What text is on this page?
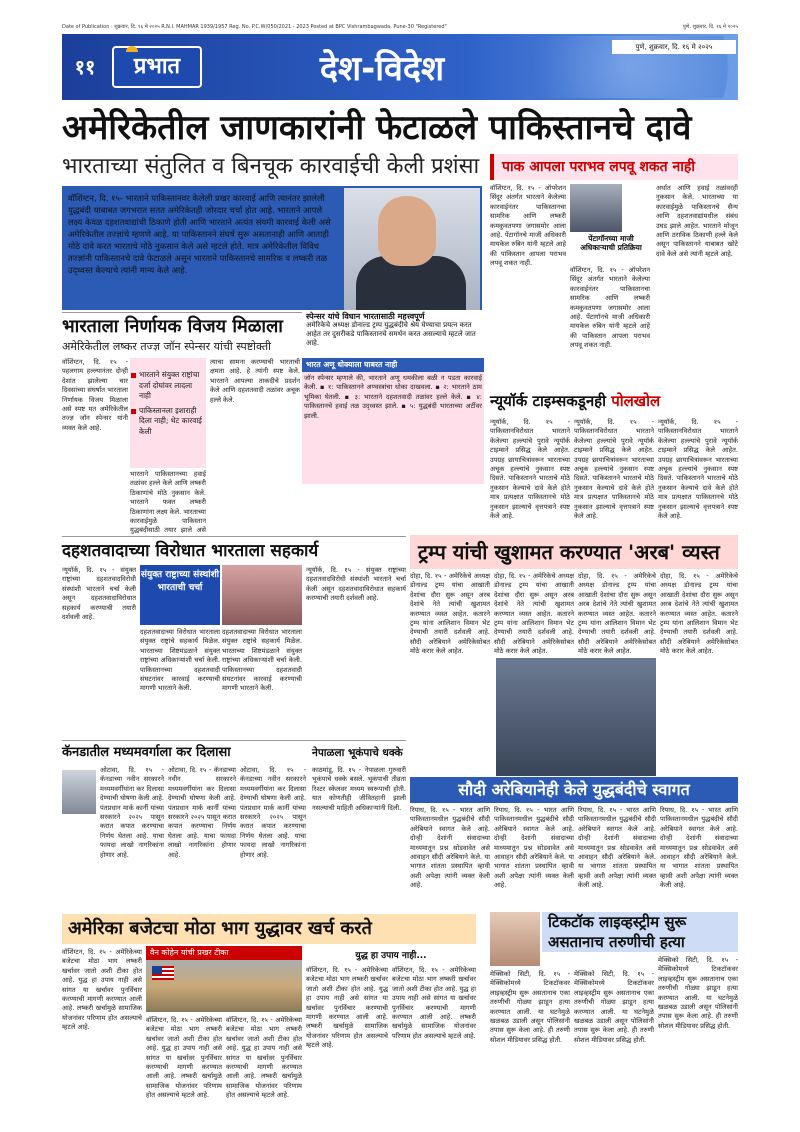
Date of Publication : शुक्रवार, दि. १६ मे २०२५ R.N.I. MAHMAR 1939/1957 Reg. No. P.C.W/050/2021 - 2023 Posted at BPC Vishrambagwada, Pune-30 "Registered"	पुणे, शुक्रवार, दि. १६ मे २०२५
११	प्रभात	देश-विदेश
पुणे, शुक्रवार, दि. १६ मे २०२५
अमेरिकेतील जाणकारांनी फेटाळले पाकिस्तानचे दावे
भारताच्या संतुलित व बिनचूक कारवाईची केली प्रशंसा
वॉशिंग्टन, दि. १५- भारताने पाकिस्तानवर केलेली प्रखर कारवाई आणि त्यानंतर झालेली युद्धबंदी याबाबत जगभरात सतत अमेरिकेतही जोरदार चर्चा होत आहे. भारताने आपले लक्ष्य केवळ दहशतवाद्यांची ठिकाणे होती आणि भारताने अत्यंत संयमी कारवाई केली असे अमेरिकेतील तज्ज्ञांचे म्हणणे आहे. या पाकिस्तानने संघर्ष सुरू असतानाही आणि आताही मोठे दावे करत भारताचे मोठे नुकसान केले असे म्हटले होते. मात्र अमेरिकेतील विविध तज्ज्ञांनी पाकिस्तानचे दावे फेटाळले असून भारताने पाकिस्तानचे सामरिक व लष्करी तळ उद्ध्वस्त केल्याचे त्यांनी मान्य केले आहे.
स्पेन्सर यांचे विधान भारतासाठी महत्त्वपूर्ण
अमेरिकेचे अध्यक्ष डोनाल्ड ट्रम्प युद्धबंदीचे श्रेय घेण्याचा प्रयत्न करत आहेत तर दुसरीकडे पाकिस्तानचे समर्थन करत असल्याचे म्हटले जात आहे.
पाक आपला पराभव लपवू शकत नाही
वॉशिंग्टन, दि. १५ - ऑपरेशन सिंदूर अंतर्गत भारताने केलेल्या कारवाईनंतर पाकिस्तानचा सामरिक आणि लष्करी कमकुवतपणा जगासमोर आला आहे. पेंटागॉनचे माजी अधिकारी मायकेल रुबिन यांनी म्हटले आहे की पाकिस्तान आपला पराभव लपवू शकत नाही.
पेंटागॉनच्या माजी अधिकाऱ्याची प्रतिक्रिया
वॉशिंग्टन, दि. १५ - ऑपरेशन सिंदूर अंतर्गत भारताने केलेल्या कारवाईनंतर पाकिस्तानचा सामरिक आणि लष्करी कमकुवतपणा जगासमोर आला आहे. पेंटागॉनचे माजी अधिकारी मायकेल रुबिन यांनी म्हटले आहे की पाकिस्तान आपला पराभव लपवू शकत नाही.
अर्थात आणि हवाई तळांवरही नुकसान केले. भारताच्या या कारवाईमुळे पाकिस्तानचे सैन्य आणि दहशतवाद्यांमधील संबंध उघड झाले आहेत. भारताने मोजून आणि ठराविक ठिकाणी हल्ले केले असून पाकिस्तानने याबाबत खोटे दावे केले असे त्यांनी म्हटले आहे.
भारताला निर्णायक विजय मिळाला
अमेरिकेतील लष्कर तज्ज्ञ जॉन स्पेन्सर यांची स्पष्टोक्ती
वॉशिंग्टन, दि. १५ - पहलगाम हल्ल्यानंतर दोन्ही देशांत झालेल्या चार दिवसांच्या संघर्षात भारताला निर्णायक विजय मिळाला असे स्पष्ट मत अमेरिकेतील तज्ज्ञ जॉन स्पेन्सर यांनी व्यक्त केले आहे.

भारताने संयुक्त राष्ट्रांचा दर्जा दोघांवर लादला नाही

पाकिस्तानला इशाराही दिला नाही; थेट कारवाई केली

भारताने पाकिस्तानच्या हवाई तळांवर हल्ले केले आणि लष्करी ठिकाणांचे मोठे नुकसान केले. भारताने फक्त लष्करी ठिकाणांना लक्ष्य केले. भारताच्या कारवाईमुळे पाकिस्तान युद्धबंदीसाठी तयार झाले असे
त्याचा सामना करण्याची भारताची क्षमता आहे. हे त्यांनी स्पष्ट केले. भारताने आपल्या ताकदीचे प्रदर्शन केले आणि दहशतवादी तळांवर अचूक हल्ले केले.
भारत अणू धोक्याला घाबरत नाही
जॉन स्पेन्सर म्हणाले की, भारताने अणू धमकीला बळी न पडता कारवाई केली. ▪ १: पाकिस्तानने अण्वस्त्रांचा धोका दाखवला. ▪ २: भारताने ठाम भूमिका घेतली. ▪ ३: भारताने दहशतवादी तळांवर हल्ले केले. ▪ ४: पाकिस्तानचे हवाई तळ उद्ध्वस्त झाले. ▪ ५: युद्धबंदी भारताच्या अटींवर झाली.
न्यूयॉर्क टाइम्सकडूनही पोलखोल
न्यूयॉर्क, दि. १५ - पाकिस्तानविरोधात भारताने केलेल्या हल्ल्यांचे पुरावे न्यूयॉर्क टाइम्सने प्रसिद्ध केले आहेत. उपग्रह छायाचित्रांवरून भारताच्या अचूक हल्ल्यांचे नुकसान स्पष्ट दिसते. पाकिस्तानने भारताचे मोठे नुकसान केल्याचे दावे केले होते मात्र प्रत्यक्षात पाकिस्तानचे मोठे नुकसान झाल्याचे वृत्तपत्राने स्पष्ट केले आहे.
न्यूयॉर्क, दि. १५ - पाकिस्तानविरोधात भारताने केलेल्या हल्ल्यांचे पुरावे न्यूयॉर्क टाइम्सने प्रसिद्ध केले आहेत. उपग्रह छायाचित्रांवरून भारताच्या अचूक हल्ल्यांचे नुकसान स्पष्ट दिसते. पाकिस्तानने भारताचे मोठे नुकसान केल्याचे दावे केले होते मात्र प्रत्यक्षात पाकिस्तानचे मोठे नुकसान झाल्याचे वृत्तपत्राने स्पष्ट केले आहे.
न्यूयॉर्क, दि. १५ - पाकिस्तानविरोधात भारताने केलेल्या हल्ल्यांचे पुरावे न्यूयॉर्क टाइम्सने प्रसिद्ध केले आहेत. उपग्रह छायाचित्रांवरून भारताच्या अचूक हल्ल्यांचे नुकसान स्पष्ट दिसते. पाकिस्तानने भारताचे मोठे नुकसान केल्याचे दावे केले होते मात्र प्रत्यक्षात पाकिस्तानचे मोठे नुकसान झाल्याचे वृत्तपत्राने स्पष्ट केले आहे.
दहशतवादाच्या विरोधात भारताला सहकार्य
न्यूयॉर्क, दि. १५ - संयुक्त राष्ट्रांच्या दहशतवादविरोधी संस्थांशी भारताने चर्चा केली असून दहशतवादाविरोधात सहकार्य करण्याची तयारी दर्शवली आहे.
संयुक्त राष्ट्राच्या संस्थांशी भारताची चर्चा
दहशतवादाच्या विरोधात भारताला संयुक्त राष्ट्रांचे सहकार्य मिळेल. भारताच्या शिष्टमंडळाने संयुक्त राष्ट्रांच्या अधिकाऱ्यांशी चर्चा केली. पाकिस्तानच्या दहशतवादी संघटनांवर कारवाई करण्याची मागणी भारताने केली.
दहशतवादाच्या विरोधात भारताला संयुक्त राष्ट्रांचे सहकार्य मिळेल. भारताच्या शिष्टमंडळाने संयुक्त राष्ट्रांच्या अधिकाऱ्यांशी चर्चा केली. पाकिस्तानच्या दहशतवादी संघटनांवर कारवाई करण्याची मागणी भारताने केली.
न्यूयॉर्क, दि. १५ - संयुक्त राष्ट्रांच्या दहशतवादविरोधी संस्थांशी भारताने चर्चा केली असून दहशतवादाविरोधात सहकार्य करण्याची तयारी दर्शवली आहे.
ट्रम्प यांची खुशामत करण्यात 'अरब' व्यस्त
दोहा, दि. १५ - अमेरिकेचे अध्यक्ष डोनाल्ड ट्रम्प यांचा आखाती देशांचा दौरा सुरू असून अरब देशांचे नेते त्यांची खुशामत करण्यात व्यस्त आहेत. कतारने ट्रम्प यांना आलिशान विमान भेट देण्याची तयारी दर्शवली आहे. सौदी अरेबियाने अमेरिकेसोबत मोठे करार केले आहेत.
दोहा, दि. १५ - अमेरिकेचे अध्यक्ष डोनाल्ड ट्रम्प यांचा आखाती देशांचा दौरा सुरू असून अरब देशांचे नेते त्यांची खुशामत करण्यात व्यस्त आहेत. कतारने ट्रम्प यांना आलिशान विमान भेट देण्याची तयारी दर्शवली आहे. सौदी अरेबियाने अमेरिकेसोबत मोठे करार केले आहेत.
दोहा, दि. १५ - अमेरिकेचे अध्यक्ष डोनाल्ड ट्रम्प यांचा आखाती देशांचा दौरा सुरू असून अरब देशांचे नेते त्यांची खुशामत करण्यात व्यस्त आहेत. कतारने ट्रम्प यांना आलिशान विमान भेट देण्याची तयारी दर्शवली आहे. सौदी अरेबियाने अमेरिकेसोबत मोठे करार केले आहेत.
दोहा, दि. १५ - अमेरिकेचे अध्यक्ष डोनाल्ड ट्रम्प यांचा आखाती देशांचा दौरा सुरू असून अरब देशांचे नेते त्यांची खुशामत करण्यात व्यस्त आहेत. कतारने ट्रम्प यांना आलिशान विमान भेट देण्याची तयारी दर्शवली आहे. सौदी अरेबियाने अमेरिकेसोबत मोठे करार केले आहेत.
सौदी अरेबियानेही केले युद्धबंदीचे स्वागत
रियाध, दि. १५ - भारत आणि पाकिस्तानमधील युद्धबंदीचे सौदी अरेबियाने स्वागत केले आहे. दोन्ही देशांनी संवादाच्या माध्यमातून प्रश्न सोडवावेत असे आवाहन सौदी अरेबियाने केले. या भागात शांतता प्रस्थापित व्हावी अशी अपेक्षा त्यांनी व्यक्त केली आहे.
रियाध, दि. १५ - भारत आणि पाकिस्तानमधील युद्धबंदीचे सौदी अरेबियाने स्वागत केले आहे. दोन्ही देशांनी संवादाच्या माध्यमातून प्रश्न सोडवावेत असे आवाहन सौदी अरेबियाने केले. या भागात शांतता प्रस्थापित व्हावी अशी अपेक्षा त्यांनी व्यक्त केली आहे.
रियाध, दि. १५ - भारत आणि पाकिस्तानमधील युद्धबंदीचे सौदी अरेबियाने स्वागत केले आहे. दोन्ही देशांनी संवादाच्या माध्यमातून प्रश्न सोडवावेत असे आवाहन सौदी अरेबियाने केले. या भागात शांतता प्रस्थापित व्हावी अशी अपेक्षा त्यांनी व्यक्त केली आहे.
रियाध, दि. १५ - भारत आणि पाकिस्तानमधील युद्धबंदीचे सौदी अरेबियाने स्वागत केले आहे. दोन्ही देशांनी संवादाच्या माध्यमातून प्रश्न सोडवावेत असे आवाहन सौदी अरेबियाने केले. या भागात शांतता प्रस्थापित व्हावी अशी अपेक्षा त्यांनी व्यक्त केली आहे.
कॅनडातील मध्यमवर्गाला कर दिलासा
ओटावा, दि. १५ - कॅनडाच्या नवीन सरकारने मध्यमवर्गीयांना कर दिलासा देण्याची घोषणा केली आहे. पंतप्रधान मार्क कार्नी यांच्या सरकारने २०२५ पासून करात कपात करण्याचा निर्णय घेतला आहे. याचा फायदा लाखो नागरिकांना होणार आहे.
ओटावा, दि. १५ - कॅनडाच्या नवीन सरकारने मध्यमवर्गीयांना कर दिलासा देण्याची घोषणा केली आहे. पंतप्रधान मार्क कार्नी यांच्या सरकारने २०२५ पासून करात कपात करण्याचा निर्णय घेतला आहे. याचा फायदा लाखो नागरिकांना होणार आहे.
ओटावा, दि. १५ - कॅनडाच्या नवीन सरकारने मध्यमवर्गीयांना कर दिलासा देण्याची घोषणा केली आहे. पंतप्रधान मार्क कार्नी यांच्या सरकारने २०२५ पासून करात कपात करण्याचा निर्णय घेतला आहे. याचा फायदा लाखो नागरिकांना होणार आहे.
नेपाळला भूकंपाचे धक्के
काठमांडू, दि. १५ - नेपाळला गुरुवारी भूकंपाचे धक्के बसले. भूकंपाची तीव्रता रिश्टर स्केलवर मध्यम स्वरूपाची होती. यात कोणतीही जीवितहानी झाली नसल्याची माहिती अधिकाऱ्यांनी दिली.
अमेरिका बजेटचा मोठा भाग युद्धावर खर्च करते
वॉशिंग्टन, दि. १५ - अमेरिकेच्या बजेटचा मोठा भाग लष्करी खर्चावर जातो अशी टीका होत आहे. युद्ध हा उपाय नाही असे सांगत या खर्चावर पुनर्विचार करण्याची मागणी करण्यात आली आहे. लष्करी खर्चामुळे सामाजिक योजनांवर परिणाम होत असल्याचे म्हटले आहे.
वैन कोहेन यांची प्रखर टीका
वॉशिंग्टन, दि. १५ - अमेरिकेच्या बजेटचा मोठा भाग लष्करी खर्चावर जातो अशी टीका होत आहे. युद्ध हा उपाय नाही असे सांगत या खर्चावर पुनर्विचार करण्याची मागणी करण्यात आली आहे. लष्करी खर्चामुळे सामाजिक योजनांवर परिणाम होत असल्याचे म्हटले आहे.
वॉशिंग्टन, दि. १५ - अमेरिकेच्या बजेटचा मोठा भाग लष्करी खर्चावर जातो अशी टीका होत आहे. युद्ध हा उपाय नाही असे सांगत या खर्चावर पुनर्विचार करण्याची मागणी करण्यात आली आहे. लष्करी खर्चामुळे सामाजिक योजनांवर परिणाम होत असल्याचे म्हटले आहे.
युद्ध हा उपाय नाही...
वॉशिंग्टन, दि. १५ - अमेरिकेच्या बजेटचा मोठा भाग लष्करी खर्चावर जातो अशी टीका होत आहे. युद्ध हा उपाय नाही असे सांगत या खर्चावर पुनर्विचार करण्याची मागणी करण्यात आली आहे. लष्करी खर्चामुळे सामाजिक योजनांवर परिणाम होत असल्याचे म्हटले आहे.
वॉशिंग्टन, दि. १५ - अमेरिकेच्या बजेटचा मोठा भाग लष्करी खर्चावर जातो अशी टीका होत आहे. युद्ध हा उपाय नाही असे सांगत या खर्चावर पुनर्विचार करण्याची मागणी करण्यात आली आहे. लष्करी खर्चामुळे सामाजिक योजनांवर परिणाम होत असल्याचे म्हटले आहे.
टिकटॉक लाइव्हस्ट्रीम सुरू असतानाच तरुणीची हत्या
मेक्सिको सिटी, दि. १५ - मेक्सिकोमध्ये टिकटॉकवर लाइव्हस्ट्रीम सुरू असतानाच एका तरुणीची गोळ्या झाडून हत्या करण्यात आली. या घटनेमुळे खळबळ उडाली असून पोलिसांनी तपास सुरू केला आहे. ही तरुणी सोशल मीडियावर प्रसिद्ध होती.
मेक्सिको सिटी, दि. १५ - मेक्सिकोमध्ये टिकटॉकवर लाइव्हस्ट्रीम सुरू असतानाच एका तरुणीची गोळ्या झाडून हत्या करण्यात आली. या घटनेमुळे खळबळ उडाली असून पोलिसांनी तपास सुरू केला आहे. ही तरुणी सोशल मीडियावर प्रसिद्ध होती.
मेक्सिको सिटी, दि. १५ - मेक्सिकोमध्ये टिकटॉकवर लाइव्हस्ट्रीम सुरू असतानाच एका तरुणीची गोळ्या झाडून हत्या करण्यात आली. या घटनेमुळे खळबळ उडाली असून पोलिसांनी तपास सुरू केला आहे. ही तरुणी सोशल मीडियावर प्रसिद्ध होती.
